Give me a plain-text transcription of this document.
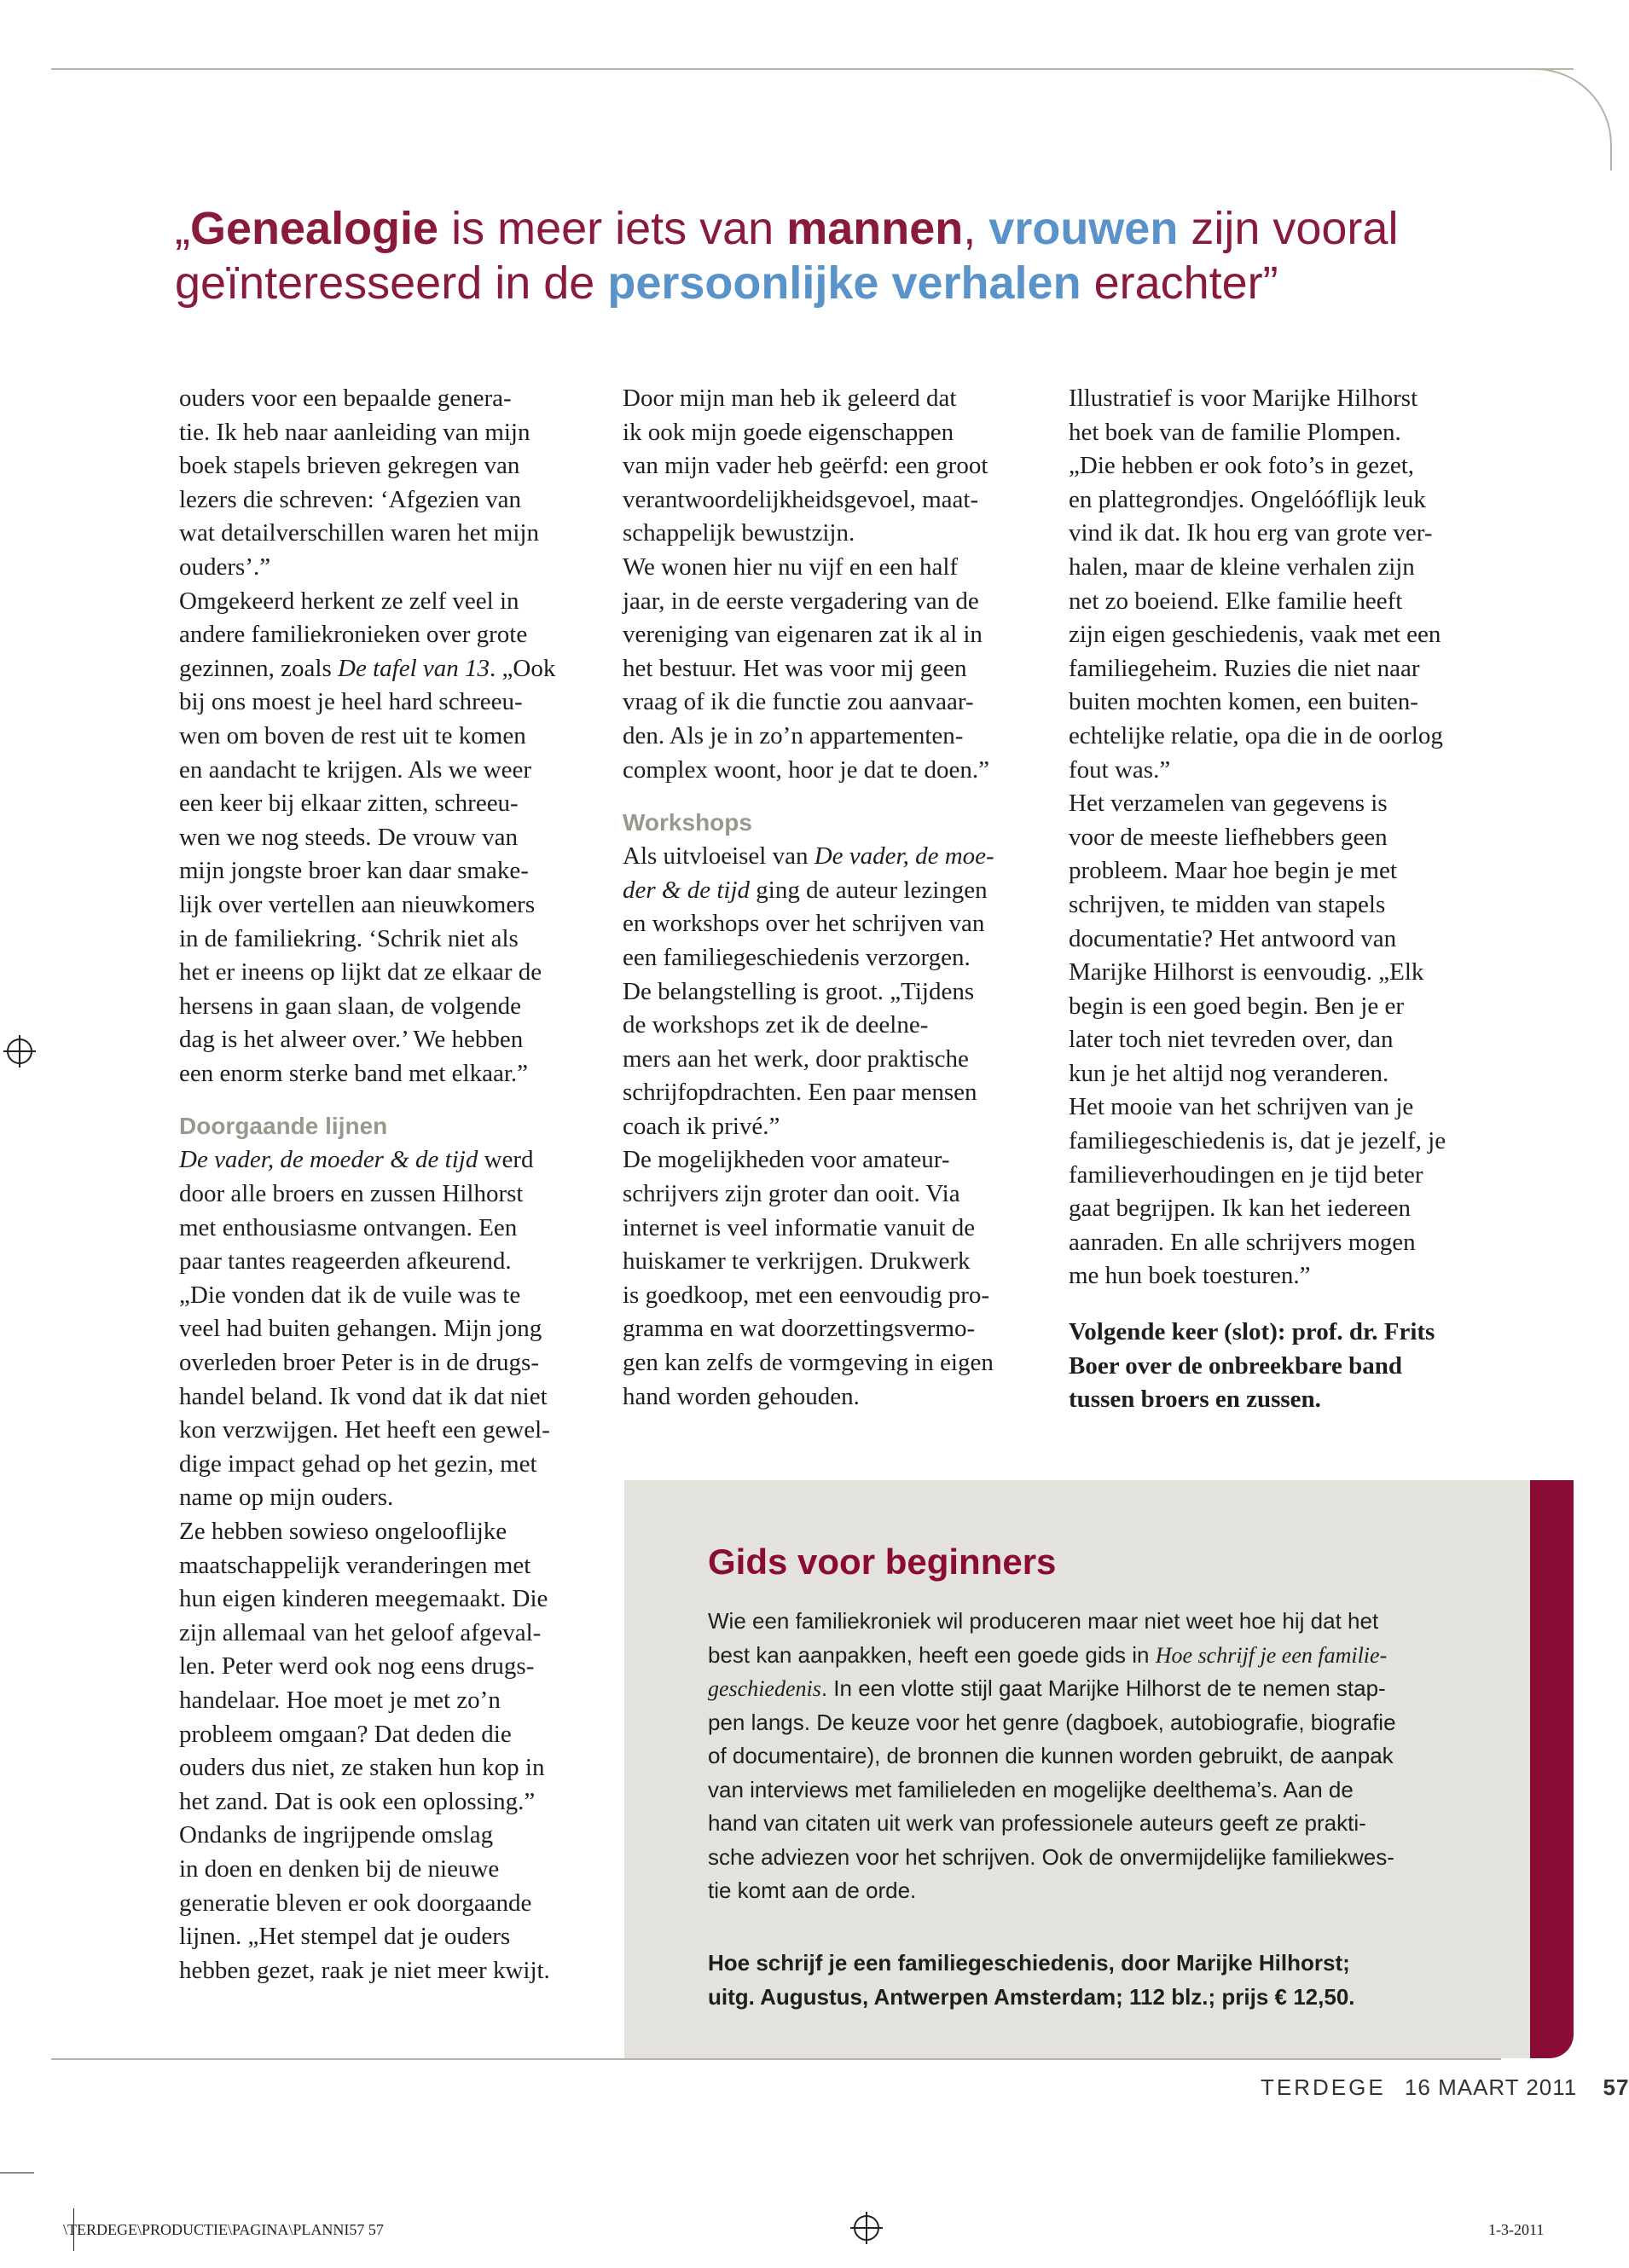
„Genealogie is meer iets van mannen, vrouwen zijn vooral
geïnteresseerd in de persoonlijke verhalen erachter”
ouders voor een bepaalde genera-
tie. Ik heb naar aanleiding van mijn
boek stapels brieven gekregen van
lezers die schreven: ‘Afgezien van
wat detailverschillen waren het mijn
ouders’.”
Omgekeerd herkent ze zelf veel in
andere familiekronieken over grote
gezinnen, zoals De tafel van 13. „Ook
bij ons moest je heel hard schreeu-
wen om boven de rest uit te komen
en aandacht te krijgen. Als we weer
een keer bij elkaar zitten, schreeu-
wen we nog steeds. De vrouw van
mijn jongste broer kan daar smake-
lijk over vertellen aan nieuwkomers
in de familiekring. ‘Schrik niet als
het er ineens op lijkt dat ze elkaar de
hersens in gaan slaan, de volgende
dag is het alweer over.’ We hebben
een enorm sterke band met elkaar.”
Doorgaande lijnen
De vader, de moeder & de tijd werd
door alle broers en zussen Hilhorst
met enthousiasme ontvangen. Een
paar tantes reageerden afkeurend.
„Die vonden dat ik de vuile was te
veel had buiten gehangen. Mijn jong
overleden broer Peter is in de drugs-
handel beland. Ik vond dat ik dat niet
kon verzwijgen. Het heeft een gewel-
dige impact gehad op het gezin, met
name op mijn ouders.
Ze hebben sowieso ongelooflijke
maatschappelijk veranderingen met
hun eigen kinderen meegemaakt. Die
zijn allemaal van het geloof afgeval-
len. Peter werd ook nog eens drugs-
handelaar. Hoe moet je met zo’n
probleem omgaan? Dat deden die
ouders dus niet, ze staken hun kop in
het zand. Dat is ook een oplossing.”
Ondanks de ingrijpende omslag
in doen en denken bij de nieuwe
generatie bleven er ook doorgaande
lijnen. „Het stempel dat je ouders
hebben gezet, raak je niet meer kwijt.
Door mijn man heb ik geleerd dat
ik ook mijn goede eigenschappen
van mijn vader heb geërfd: een groot
verantwoordelijkheidsgevoel, maat-
schappelijk bewustzijn.
We wonen hier nu vijf en een half
jaar, in de eerste vergadering van de
vereniging van eigenaren zat ik al in
het bestuur. Het was voor mij geen
vraag of ik die functie zou aanvaar-
den. Als je in zo’n appartementen-
complex woont, hoor je dat te doen.”
Workshops
Als uitvloeisel van De vader, de moe-
der & de tijd ging de auteur lezingen
en workshops over het schrijven van
een familiegeschiedenis verzorgen.
De belangstelling is groot. „Tijdens
de workshops zet ik de deelne-
mers aan het werk, door praktische
schrijfopdrachten. Een paar mensen
coach ik privé.”
De mogelijkheden voor amateur-
schrijvers zijn groter dan ooit. Via
internet is veel informatie vanuit de
huiskamer te verkrijgen. Drukwerk
is goedkoop, met een eenvoudig pro-
gramma en wat doorzettingsvermo-
gen kan zelfs de vormgeving in eigen
hand worden gehouden.
Illustratief is voor Marijke Hilhorst
het boek van de familie Plompen.
„Die hebben er ook foto’s in gezet,
en plattegrondjes. Ongelóóflijk leuk
vind ik dat. Ik hou erg van grote ver-
halen, maar de kleine verhalen zijn
net zo boeiend. Elke familie heeft
zijn eigen geschiedenis, vaak met een
familiegeheim. Ruzies die niet naar
buiten mochten komen, een buiten-
echtelijke relatie, opa die in de oorlog
fout was.”
Het verzamelen van gegevens is
voor de meeste liefhebbers geen
probleem. Maar hoe begin je met
schrijven, te midden van stapels
documentatie? Het antwoord van
Marijke Hilhorst is eenvoudig. „Elk
begin is een goed begin. Ben je er
later toch niet tevreden over, dan
kun je het altijd nog veranderen.
Het mooie van het schrijven van je
familiegeschiedenis is, dat je jezelf, je
familieverhoudingen en je tijd beter
gaat begrijpen. Ik kan het iedereen
aanraden. En alle schrijvers mogen
me hun boek toesturen.”
Volgende keer (slot): prof. dr. Frits
Boer over de onbreekbare band
tussen broers en zussen.
Gids voor beginners
Wie een familiekroniek wil produceren maar niet weet hoe hij dat het
best kan aanpakken, heeft een goede gids in Hoe schrijf je een familie-
geschiedenis. In een vlotte stijl gaat Marijke Hilhorst de te nemen stap-
pen langs. De keuze voor het genre (dagboek, autobiografie, biografie
of documentaire), de bronnen die kunnen worden gebruikt, de aanpak
van interviews met familieleden en mogelijke deelthema’s. Aan de
hand van citaten uit werk van professionele auteurs geeft ze prakti-
sche adviezen voor het schrijven. Ook de onvermijdelijke familiekwes-
tie komt aan de orde.
Hoe schrijf je een familiegeschiedenis, door Marijke Hilhorst;
uitg. Augustus, Antwerpen Amsterdam; 112 blz.; prijs € 12,50.
TERDEGE 16 MAART 2011 57
\TERDEGE\PRODUCTIE\PAGINA\PLANNI57 57	1-3-2011
